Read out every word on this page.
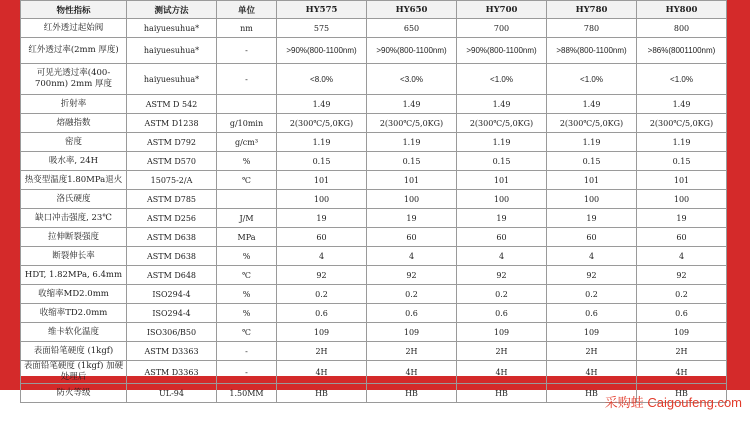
物性指标	测试方法	单位	HY575	HY650	HY700	HY780	HY800
红外透过起始阀	haiyuesuhua*	nm	575	650	700	780	800
红外透过率(2mm 厚度)	haiyuesuhua*	-	>90%(800-1100nm)	>90%(800-1100nm)	>90%(800-1100nm)	>88%(800-1100nm)	>86%(8001100nm)
可见光透过率(400-700nm) 2mm 厚度	haiyuesuhua*	-	<8.0%	<3.0%	<1.0%	<1.0%	<1.0%
折射率	ASTM D 542		1.49	1.49	1.49	1.49	1.49
熔融指数	ASTM D1238	g/10min	2(300℃/5,0KG)	2(300℃/5,0KG)	2(300℃/5,0KG)	2(300℃/5,0KG)	2(300℃/5,0KG)
密度	ASTM D792	g/cm³	1.19	1.19	1.19	1.19	1.19
吸水率, 24H	ASTM D570	%	0.15	0.15	0.15	0.15	0.15
热变型温度1.80MPa退火	15075-2/A	℃	101	101	101	101	101
洛氏硬度	ASTM D785		100	100	100	100	100
缺口冲击强度, 23℃	ASTM D256	J/M	19	19	19	19	19
拉伸断裂强度	ASTM D638	MPa	60	60	60	60	60
断裂伸长率	ASTM D638	%	4	4	4	4	4
HDT, 1.82MPa, 6.4mm	ASTM D648	℃	92	92	92	92	92
收缩率MD2.0mm	ISO294-4	%	0.2	0.2	0.2	0.2	0.2
收缩率TD2.0mm	ISO294-4	%	0.6	0.6	0.6	0.6	0.6
维卡软化温度	ISO306/B50	℃	109	109	109	109	109
表面铅笔硬度 (1kgf)	ASTM D3363	-	2H	2H	2H	2H	2H
表面铅笔硬度 (1kgf) 加硬处理后	ASTM D3363	-	4H	4H	4H	4H	4H
防火等级	UL-94	1.50MM	HB	HB	HB	HB	HB
采购蛙 Caigoufeng.com
